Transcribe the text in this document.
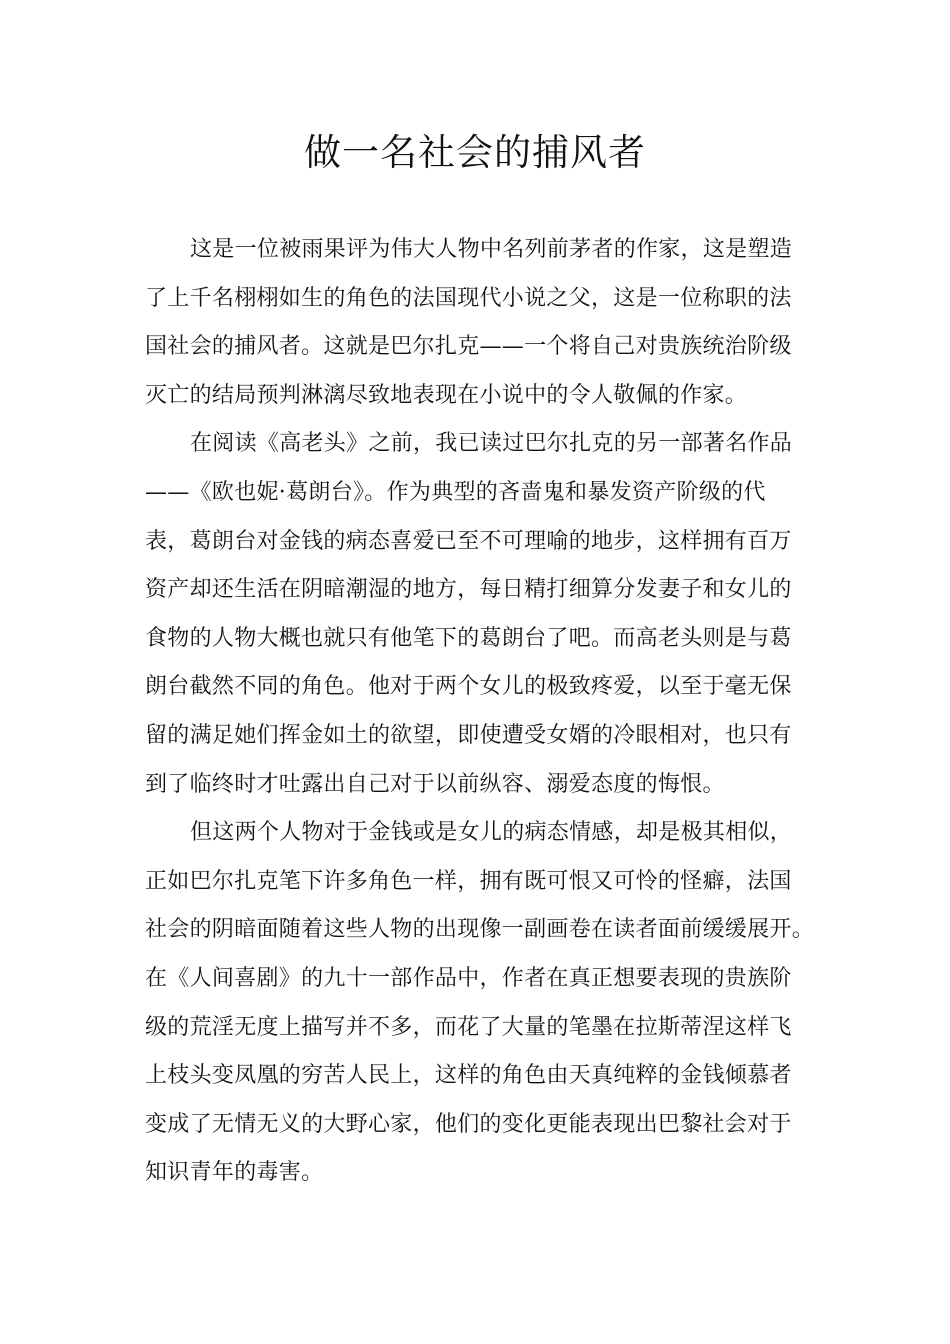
做一名社会的捕风者
这是一位被雨果评为伟大人物中名列前茅者的作家，这是塑造
了上千名栩栩如生的角色的法国现代小说之父，这是一位称职的法
国社会的捕风者。这就是巴尔扎克——一个将自己对贵族统治阶级
灭亡的结局预判淋漓尽致地表现在小说中的令人敬佩的作家。
在阅读《高老头》之前，我已读过巴尔扎克的另一部著名作品
——《欧也妮·葛朗台》。作为典型的吝啬鬼和暴发资产阶级的代
表，葛朗台对金钱的病态喜爱已至不可理喻的地步，这样拥有百万
资产却还生活在阴暗潮湿的地方，每日精打细算分发妻子和女儿的
食物的人物大概也就只有他笔下的葛朗台了吧。而高老头则是与葛
朗台截然不同的角色。他对于两个女儿的极致疼爱，以至于毫无保
留的满足她们挥金如土的欲望，即使遭受女婿的冷眼相对，也只有
到了临终时才吐露出自己对于以前纵容、溺爱态度的悔恨。
但这两个人物对于金钱或是女儿的病态情感，却是极其相似，
正如巴尔扎克笔下许多角色一样，拥有既可恨又可怜的怪癖，法国
社会的阴暗面随着这些人物的出现像一副画卷在读者面前缓缓展开。
在《人间喜剧》的九十一部作品中，作者在真正想要表现的贵族阶
级的荒淫无度上描写并不多，而花了大量的笔墨在拉斯蒂涅这样飞
上枝头变凤凰的穷苦人民上，这样的角色由天真纯粹的金钱倾慕者
变成了无情无义的大野心家，他们的变化更能表现出巴黎社会对于
知识青年的毒害。
